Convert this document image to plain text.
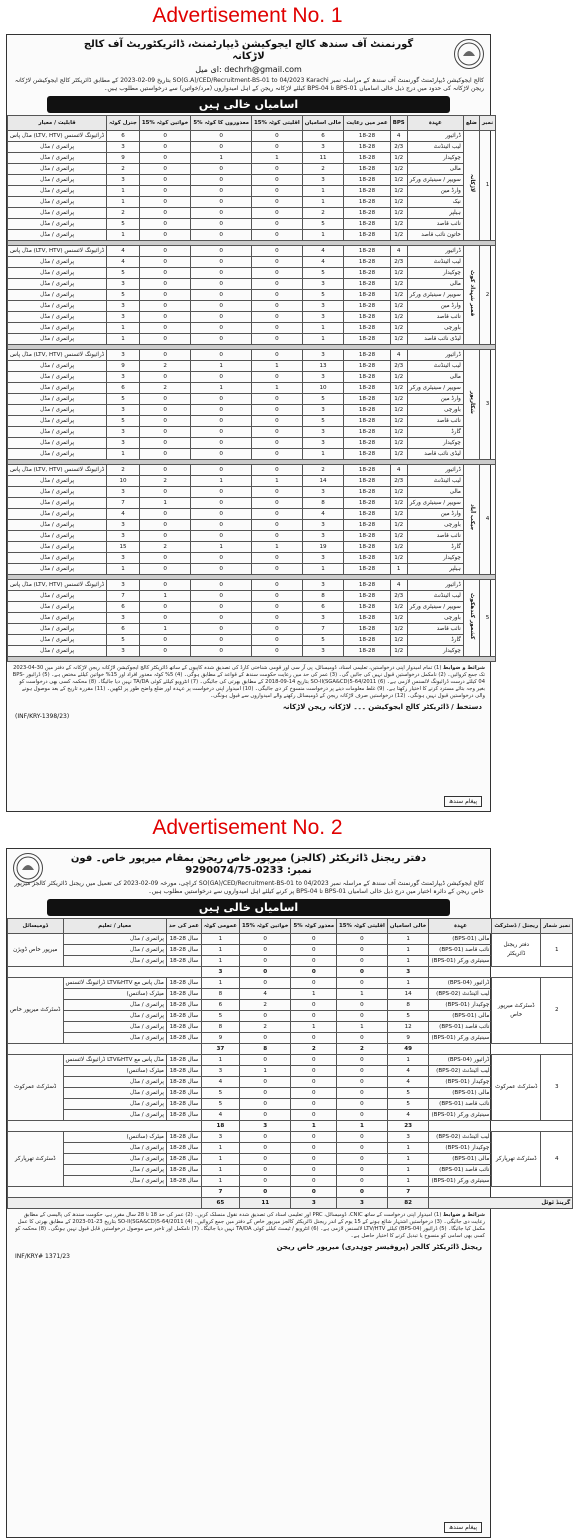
Advertisement No. 1
گورنمنٹ آف سندھ کالج ایجوکیشن ڈیپارٹمنٹ، ڈائریکٹوریٹ آف کالج لاڑکانہ
ای میل: dechrh@gmail.com
کالج ایجوکیشن ڈیپارٹمنٹ گورنمنٹ آف سندھ کے مراسلہ نمبر SO(G.A)/CED/Recruitment-BS-01 to 04/2023 Karachi بتاریخ 09-02-2023 کے مطابق ڈائریکٹر کالج ایجوکیشن لاڑکانہ ریجن لاڑکانہ کی حدود میں درج ذیل خالی اسامیاں BPS-01 تا BPS-04 کیلئے لاڑکانہ ریجن کے اہل امیدواروں (مرد/خواتین) سے درخواستیں مطلوب ہیں۔
اسامیاں خالی ہیں
قابلیت / معیار	جنرل کوٹہ	15% خواتین کوٹہ	5% معذوروں کا کوٹہ	15% اقلیتی کوٹہ	خالی اسامیاں	عمر میں رعایت	BPS	عہدہ	ضلع	نمبر
مڈل پاس (LTV, HTV) ڈرائیونگ لائسنس	6	0	0	0	6	18-28	4	ڈرائیور	لاڑکانہ	1
پرائمری / مڈل	3	0	0	0	3	18-28	2/3	لیب اٹینڈنٹ		
پرائمری / مڈل	9	0	1	1	11	18-28	1/2	چوکیدار		
پرائمری / مڈل	2	0	0	0	2	18-28	1/2	مالی		
پرائمری / مڈل	3	0	0	0	3	18-28	1/2	سویپر / سینیٹری ورکر		
پرائمری / مڈل	1	0	0	0	1	18-28	1/2	وارڈ مین		
پرائمری / مڈل	1	0	0	0	1	18-28	1/2	نیک		
پرائمری / مڈل	2	0	0	0	2	18-28	1/2	ہیلپر		
پرائمری / مڈل	5	0	0	0	5	18-28	1/2	نائب قاصد		
پرائمری / مڈل	1	0	0	0	1	18-28	1/2	خاتون نائب قاصد		

مڈل پاس (LTV, HTV) ڈرائیونگ لائسنس	4	0	0	0	4	18-28	4	ڈرائیور	قمبر شہداد کوٹ	2
پرائمری / مڈل	4	0	0	0	4	18-28	2/3	لیب اٹینڈنٹ		
پرائمری / مڈل	5	0	0	0	5	18-28	1/2	چوکیدار		
پرائمری / مڈل	3	0	0	0	3	18-28	1/2	مالی		
پرائمری / مڈل	5	0	0	0	5	18-28	1/2	سویپر / سینیٹری ورکر		
پرائمری / مڈل	3	0	0	0	3	18-28	1/2	وارڈ مین		
پرائمری / مڈل	3	0	0	0	3	18-28	1/2	نائب قاصد		
پرائمری / مڈل	1	0	0	0	1	18-28	1/2	باورچی		
پرائمری / مڈل	1	0	0	0	1	18-28	1/2	لیڈی نائب قاصد		

مڈل پاس (LTV, HTV) ڈرائیونگ لائسنس	3	0	0	0	3	18-28	4	ڈرائیور	شکارپور	3
پرائمری / مڈل	9	2	1	1	13	18-28	2/3	لیب اٹینڈنٹ		
پرائمری / مڈل	3	0	0	0	3	18-28	1/2	مالی		
پرائمری / مڈل	6	2	1	1	10	18-28	1/2	سویپر / سینیٹری ورکر		
پرائمری / مڈل	5	0	0	0	5	18-28	1/2	وارڈ مین		
پرائمری / مڈل	3	0	0	0	3	18-28	1/2	باورچی		
پرائمری / مڈل	5	0	0	0	5	18-28	1/2	نائب قاصد		
پرائمری / مڈل	3	0	0	0	3	18-28	1/2	گارڈ		
پرائمری / مڈل	3	0	0	0	3	18-28	1/2	چوکیدار		
پرائمری / مڈل	1	0	0	0	1	18-28	1/2	لیڈی نائب قاصد		

مڈل پاس (LTV, HTV) ڈرائیونگ لائسنس	2	0	0	0	2	18-28	4	ڈرائیور	جیکب آباد	4
پرائمری / مڈل	10	2	1	1	14	18-28	2/3	لیب اٹینڈنٹ		
پرائمری / مڈل	3	0	0	0	3	18-28	1/2	مالی		
پرائمری / مڈل	7	1	0	0	8	18-28	1/2	سویپر / سینیٹری ورکر		
پرائمری / مڈل	4	0	0	0	4	18-28	1/2	وارڈ مین		
پرائمری / مڈل	3	0	0	0	3	18-28	1/2	باورچی		
پرائمری / مڈل	3	0	0	0	3	18-28	1/2	نائب قاصد		
پرائمری / مڈل	15	2	1	1	19	18-28	1/2	گارڈ		
پرائمری / مڈل	3	0	0	0	3	18-28	1/2	چوکیدار		
پرائمری / مڈل	1	0	0	0	1	18-28	1	ہیلپر		

مڈل پاس (LTV, HTV) ڈرائیونگ لائسنس	3	0	0	0	3	18-28	4	ڈرائیور	کشمور کندھکوٹ	5
پرائمری / مڈل	7	1	0	0	8	18-28	2/3	لیب اٹینڈنٹ		
پرائمری / مڈل	6	0	0	0	6	18-28	1/2	سویپر / سینیٹری ورکر		
پرائمری / مڈل	3	0	0	0	3	18-28	1/2	باورچی		
پرائمری / مڈل	6	1	0	0	7	18-28	1/2	نائب قاصد		
پرائمری / مڈل	5	0	0	0	5	18-28	1/2	گارڈ		
پرائمری / مڈل	3	0	0	0	3	18-28	1/2	چوکیدار		

شرائط و ضوابط (1) تمام امیدوار اپنی درخواستیں، تعلیمی اسناد، ڈومیسائل، پی آر سی اور قومی شناختی کارڈ کی تصدیق شدہ کاپیوں کے ساتھ ڈائریکٹر کالج ایجوکیشن لاڑکانہ ریجن لاڑکانہ کے دفتر میں 30-04-2023 تک جمع کروائیں۔ (2) نامکمل درخواستیں قبول نہیں کی جائیں گی۔ (3) عمر کی حد میں رعایت حکومت سندھ کے قواعد کے مطابق ہوگی۔ (4) 5% کوٹہ معذور افراد اور 15% خواتین کیلئے مختص ہے۔ (5) ڈرائیور BPS-04 کیلئے درست ڈرائیونگ لائسنس لازمی ہے۔ (6) SO-II(SGA&CD)5-64/2011 بتاریخ 14-09-2018 کے مطابق بھرتی کی جائیگی۔ (7) انٹرویو کیلئے کوئی TA/DA نہیں دیا جائیگا۔ (8) محکمہ کسی بھی درخواست کو بغیر وجہ بتائے مسترد کرنے کا اختیار رکھتا ہے۔ (9) غلط معلومات دینے پر درخواست منسوخ کر دی جائیگی۔ (10) امیدوار اپنی درخواست پر عہدہ اور ضلع واضح طور پر لکھیں۔ (11) مقررہ تاریخ کے بعد موصول ہونے والی درخواستیں قبول نہیں ہونگی۔ (12) درخواستیں صرف لاڑکانہ ریجن کے ڈومیسائل رکھنے والے امیدواروں سے قبول ہونگی۔
دستخط / ڈائریکٹر کالج ایجوکیشن ۔۔۔ لاڑکانہ ریجن لاڑکانہ
(INF/KRY-1398/23)
پیغام سندھ
Advertisement No. 2
دفتر ریجنل ڈائریکٹر (کالجز) میرپور خاص ریجن بمقام میرپور خاص۔ فون نمبر: 0233-9290074/75
کالج ایجوکیشن ڈیپارٹمنٹ گورنمنٹ آف سندھ کے مراسلہ نمبر SO(GA)/CED/Recruitment-BS-01 to 04/2023 کراچی، مورخہ 09-02-2023 کی تعمیل میں ریجنل ڈائریکٹر کالجز میرپور خاص ریجن کے دائرہ اختیار میں درج ذیل خالی اسامیاں BPS-01 تا BPS-04 پر کرنے کیلئے اہل امیدواروں سے درخواستیں مطلوب ہیں۔
اسامیاں خالی ہیں
ڈومیسائل	معیار / تعلیم	عمر کی حد	عمومی کوٹہ	15% خواتین کوٹہ	5% معذور کوٹہ	15% اقلیتی کوٹہ	خالی اسامیاں	عہدہ	ریجنل / ڈسٹرکٹ	نمبر شمار
میرپور خاص ڈویژن	پرائمری / مڈل	18-28 سال	1	0	0	0	1	مالی (BPS-01)	دفتر ریجنل ڈائریکٹر	1
	پرائمری / مڈل	18-28 سال	1	0	0	0	1	نائب قاصد (BPS-01)		
	پرائمری / مڈل	18-28 سال	1	0	0	0	1	سینیٹری ورکر (BPS-01)		
			3	0	0	0	3			
ڈسٹرکٹ میرپور خاص	مڈل پاس مع LTV&HTV ڈرائیونگ لائسنس	18-28 سال	1	0	0	0	1	ڈرائیور (BPS-04)	ڈسٹرکٹ میرپور خاص	2
	میٹرک (سائنس)	18-28 سال	8	4	1	1	14	لیب اٹینڈنٹ (BPS-02)		
	پرائمری / مڈل	18-28 سال	6	2	0	0	8	چوکیدار (BPS-01)		
	پرائمری / مڈل	18-28 سال	5	0	0	0	5	مالی (BPS-01)		
	پرائمری / مڈل	18-28 سال	8	2	1	1	12	نائب قاصد (BPS-01)		
	پرائمری / مڈل	18-28 سال	9	0	0	0	9	سینیٹری ورکر (BPS-01)		
			37	8	2	2	49			
ڈسٹرکٹ عمرکوٹ	مڈل پاس مع LTV&HTV ڈرائیونگ لائسنس	18-28 سال	1	0	0	0	1	ڈرائیور (BPS-04)	ڈسٹرکٹ عمرکوٹ	3
	میٹرک (سائنس)	18-28 سال	3	1	0	0	4	لیب اٹینڈنٹ (BPS-02)		
	پرائمری / مڈل	18-28 سال	4	0	0	0	4	چوکیدار (BPS-01)		
	پرائمری / مڈل	18-28 سال	5	0	0	0	5	مالی (BPS-01)		
	پرائمری / مڈل	18-28 سال	5	0	0	0	5	نائب قاصد (BPS-01)		
	پرائمری / مڈل	18-28 سال	4	0	0	0	4	سینیٹری ورکر (BPS-01)		
			18	3	1	1	23			
ڈسٹرکٹ تھرپارکر	میٹرک (سائنس)	18-28 سال	3	0	0	0	3	لیب اٹینڈنٹ (BPS-02)	ڈسٹرکٹ تھرپارکر	4
	پرائمری / مڈل	18-28 سال	1	0	0	0	1	چوکیدار (BPS-01)		
	پرائمری / مڈل	18-28 سال	1	0	0	0	1	مالی (BPS-01)		
	پرائمری / مڈل	18-28 سال	1	0	0	0	1	نائب قاصد (BPS-01)		
	پرائمری / مڈل	18-28 سال	1	0	0	0	1	سینیٹری ورکر (BPS-01)		
			7	0	0	0	7			
			65	11	3	3	82	گرینڈ ٹوٹل		
شرائط و ضوابط (1) امیدوار اپنی درخواست کے ساتھ CNIC، ڈومیسائل، PRC اور تعلیمی اسناد کی تصدیق شدہ نقول منسلک کریں۔ (2) عمر کی حد 18 تا 28 سال مقرر ہے، حکومت سندھ کی پالیسی کے مطابق رعایت دی جائیگی۔ (3) درخواستیں اشتہار شائع ہونے کے 15 یوم کے اندر ریجنل ڈائریکٹر کالجز میرپور خاص کے دفتر میں جمع کروائیں۔ (4) SO-II(SGA&CD)5-64/2011 بتاریخ 23-01-2023 کے مطابق بھرتی کا عمل مکمل کیا جائیگا۔ (5) ڈرائیور (BPS-04) کیلئے LTV/HTV لائسنس لازمی ہے۔ (6) انٹرویو / ٹیسٹ کیلئے کوئی TA/DA نہیں دیا جائیگا۔ (7) نامکمل اور تاخیر سے موصول درخواستیں قابل قبول نہیں ہونگی۔ (8) محکمہ کو کسی بھی اسامی کو منسوخ یا تبدیل کرنے کا اختیار حاصل ہے۔
ریجنل ڈائریکٹر کالجز (پروفیسر چوہدری) میرپور خاص ریجن
INF/KRY# 1371/23
پیغام سندھ
